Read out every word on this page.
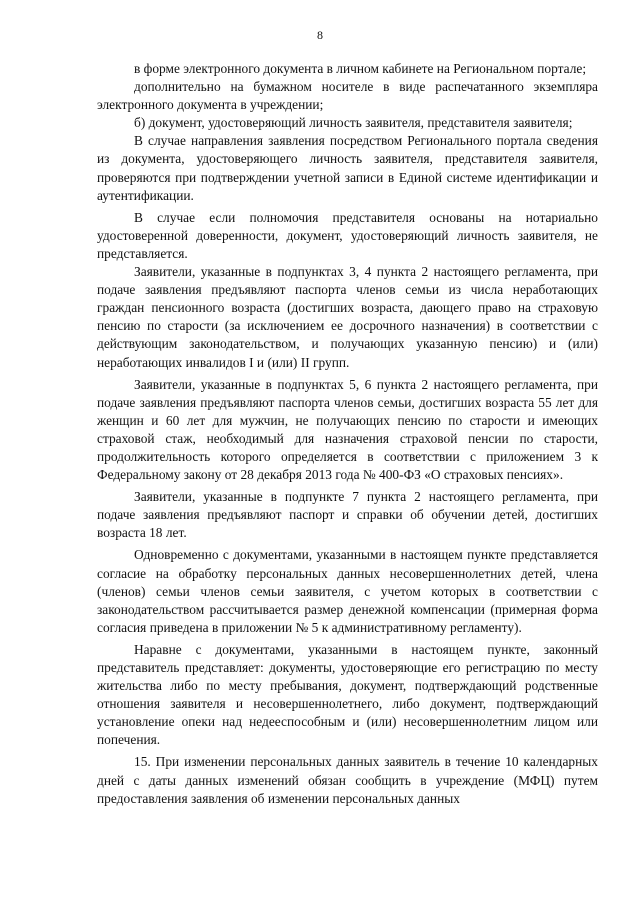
8

в форме электронного документа в личном кабинете на Региональном портале;

дополнительно на бумажном носителе в виде распечатанного экземпляра электронного документа в учреждении;

б) документ, удостоверяющий личность заявителя, представителя заявителя;

В случае направления заявления посредством Регионального портала сведения из документа, удостоверяющего личность заявителя, представителя заявителя, проверяются при подтверждении учетной записи в Единой системе идентификации и аутентификации.

В случае если полномочия представителя основаны на нотариально удостоверенной доверенности, документ, удостоверяющий личность заявителя, не представляется.

Заявители, указанные в подпунктах 3, 4 пункта 2 настоящего регламента, при подаче заявления предъявляют паспорта членов семьи из числа неработающих граждан пенсионного возраста (достигших возраста, дающего право на страховую пенсию по старости (за исключением ее досрочного назначения) в соответствии с действующим законодательством, и получающих указанную пенсию) и (или) неработающих инвалидов I и (или) II групп.

Заявители, указанные в подпунктах 5, 6 пункта 2 настоящего регламента, при подаче заявления предъявляют паспорта членов семьи, достигших возраста 55 лет для женщин и 60 лет для мужчин, не получающих пенсию по старости и имеющих страховой стаж, необходимый для назначения страховой пенсии по старости, продолжительность которого определяется в соответствии с приложением 3 к Федеральному закону от 28 декабря 2013 года № 400-ФЗ «О страховых пенсиях».

Заявители, указанные в подпункте 7 пункта 2 настоящего регламента, при подаче заявления предъявляют паспорт и справки об обучении детей, достигших возраста 18 лет.

Одновременно с документами, указанными в настоящем пункте представляется согласие на обработку персональных данных несовершеннолетних детей, члена (членов) семьи членов семьи заявителя, с учетом которых в соответствии с законодательством рассчитывается размер денежной компенсации (примерная форма согласия приведена в приложении № 5 к административному регламенту).

Наравне с документами, указанными в настоящем пункте, законный представитель представляет: документы, удостоверяющие его регистрацию по месту жительства либо по месту пребывания, документ, подтверждающий родственные отношения заявителя и несовершеннолетнего, либо документ, подтверждающий установление опеки над недееспособным и (или) несовершеннолетним лицом или попечения.

15. При изменении персональных данных заявитель в течение 10 календарных дней с даты данных изменений обязан сообщить в учреждение (МФЦ) путем предоставления заявления об изменении персональных данных
